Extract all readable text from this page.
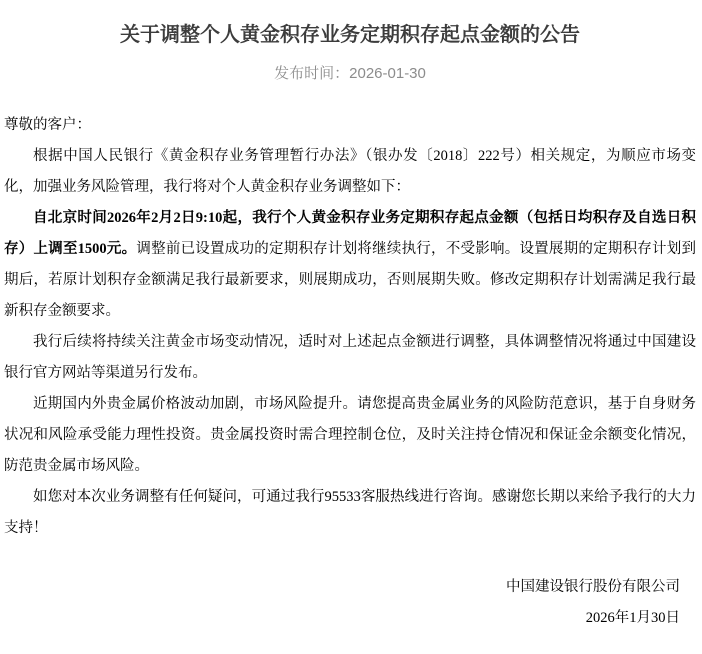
关于调整个人黄金积存业务定期积存起点金额的公告
发布时间：2026-01-30

尊敬的客户：

根据中国人民银行《黄金积存业务管理暂行办法》（银办发〔2018〕222号）相关规定，为顺应市场变化，加强业务风险管理，我行将对个人黄金积存业务调整如下：

自北京时间2026年2月2日9:10起，我行个人黄金积存业务定期积存起点金额（包括日均积存及自选日积存）上调至1500元。调整前已设置成功的定期积存计划将继续执行，不受影响。设置展期的定期积存计划到期后，若原计划积存金额满足我行最新要求，则展期成功，否则展期失败。修改定期积存计划需满足我行最新积存金额要求。

我行后续将持续关注黄金市场变动情况，适时对上述起点金额进行调整，具体调整情况将通过中国建设银行官方网站等渠道另行发布。

近期国内外贵金属价格波动加剧，市场风险提升。请您提高贵金属业务的风险防范意识，基于自身财务状况和风险承受能力理性投资。贵金属投资时需合理控制仓位，及时关注持仓情况和保证金余额变化情况，防范贵金属市场风险。

如您对本次业务调整有任何疑问，可通过我行95533客服热线进行咨询。感谢您长期以来给予我行的大力支持！

中国建设银行股份有限公司

2026年1月30日
